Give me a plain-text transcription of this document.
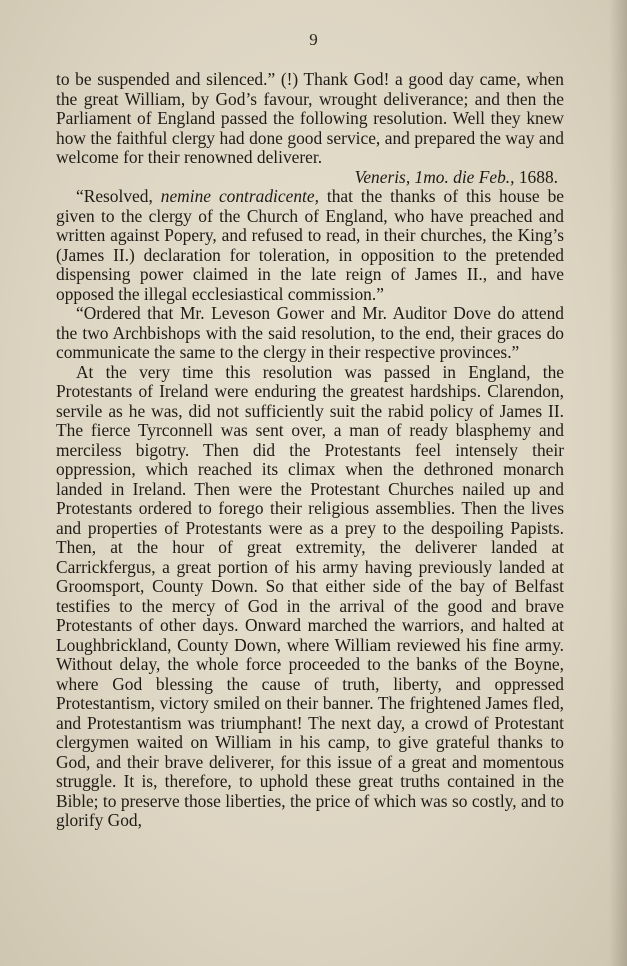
9

to be suspended and silenced.” (!) Thank God! a good day came, when the great William, by God’s favour, wrought deliverance; and then the Parliament of England passed the following resolution. Well they knew how the faithful clergy had done good service, and prepared the way and welcome for their renowned deliverer.

Veneris, 1mo. die Feb., 1688.

“Resolved, nemine contradicente, that the thanks of this house be given to the clergy of the Church of England, who have preached and written against Popery, and refused to read, in their churches, the King’s (James II.) declaration for toleration, in opposition to the pretended dispensing power claimed in the late reign of James II., and have opposed the illegal ecclesiastical commission.”

“Ordered that Mr. Leveson Gower and Mr. Auditor Dove do attend the two Archbishops with the said resolution, to the end, their graces do communicate the same to the clergy in their respective provinces.”

At the very time this resolution was passed in England, the Protestants of Ireland were enduring the greatest hardships. Clarendon, servile as he was, did not sufficiently suit the rabid policy of James II. The fierce Tyrconnell was sent over, a man of ready blasphemy and merciless bigotry. Then did the Protestants feel intensely their oppression, which reached its climax when the dethroned monarch landed in Ireland. Then were the Protestant Churches nailed up and Protestants ordered to forego their religious assemblies. Then the lives and properties of Protestants were as a prey to the despoiling Papists. Then, at the hour of great extremity, the deliverer landed at Carrickfergus, a great portion of his army having previously landed at Groomsport, County Down. So that either side of the bay of Belfast testifies to the mercy of God in the arrival of the good and brave Protestants of other days. Onward marched the warriors, and halted at Loughbrickland, County Down, where William reviewed his fine army. Without delay, the whole force proceeded to the banks of the Boyne, where God blessing the cause of truth, liberty, and oppressed Protestantism, victory smiled on their banner. The frightened James fled, and Protestantism was triumphant! The next day, a crowd of Protestant clergymen waited on William in his camp, to give grateful thanks to God, and their brave deliverer, for this issue of a great and momentous struggle. It is, therefore, to uphold these great truths contained in the Bible; to preserve those liberties, the price of which was so costly, and to glorify God,
